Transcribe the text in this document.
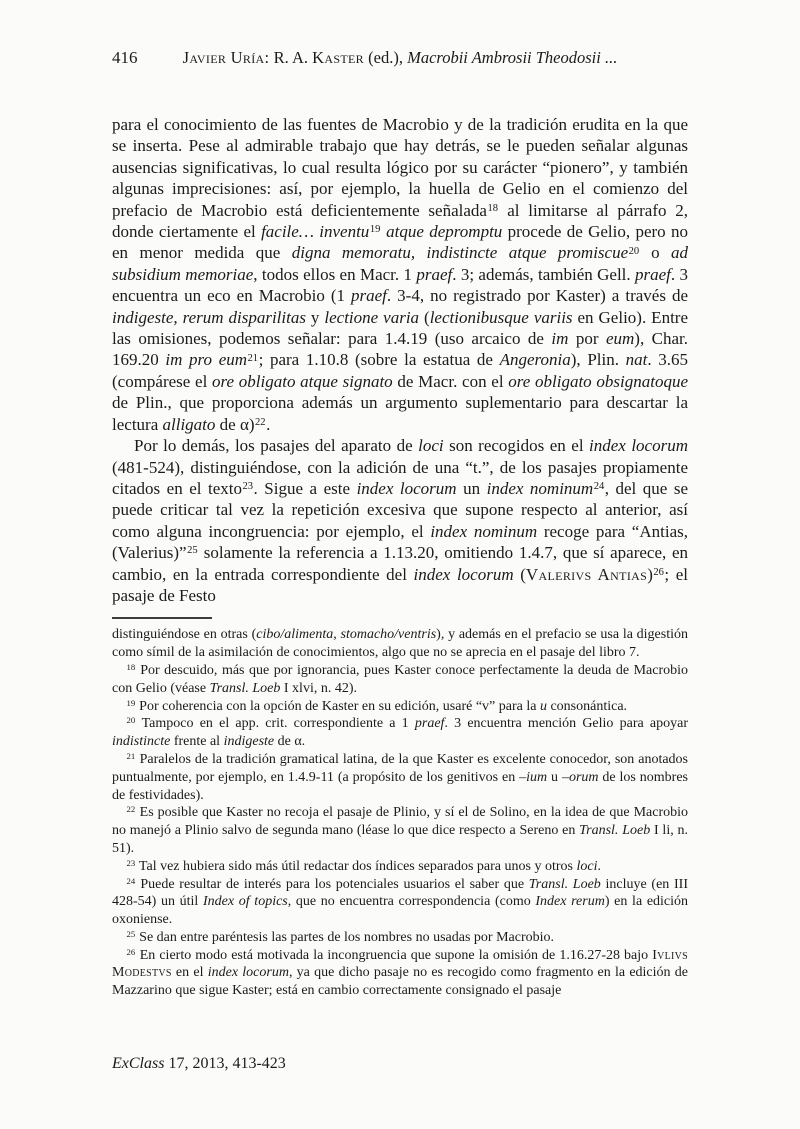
416	Javier Uría: R. A. Kaster (ed.), Macrobii Ambrosii Theodosii ...

para el conocimiento de las fuentes de Macrobio y de la tradición erudita en la que se inserta. Pese al admirable trabajo que hay detrás, se le pueden señalar algunas ausencias significativas, lo cual resulta lógico por su carácter “pionero”, y también algunas imprecisiones: así, por ejemplo, la huella de Gelio en el comienzo del prefacio de Macrobio está deficientemente señalada$^{18}$ al limitarse al párrafo 2, donde ciertamente el facile… inventu$^{19}$ atque depromptu procede de Gelio, pero no en menor medida que digna memoratu, indistincte atque promiscue$^{20}$ o ad subsidium memoriae, todos ellos en Macr. 1 praef. 3; además, también Gell. praef. 3 encuentra un eco en Macrobio (1 praef. 3-4, no registrado por Kaster) a través de indigeste, rerum disparilitas y lectione varia (lectionibusque variis en Gelio). Entre las omisiones, podemos señalar: para 1.4.19 (uso arcaico de im por eum), Char. 169.20 im pro eum$^{21}$; para 1.10.8 (sobre la estatua de Angeronia), Plin. nat. 3.65 (compárese el ore obligato atque signato de Macr. con el ore obligato obsignatoque de Plin., que proporciona además un argumento suplementario para descartar la lectura alligato de α)$^{22}$.

Por lo demás, los pasajes del aparato de loci son recogidos en el index locorum (481-524), distinguiéndose, con la adición de una “t.”, de los pasajes propiamente citados en el texto$^{23}$. Sigue a este index locorum un index nominum$^{24}$, del que se puede criticar tal vez la repetición excesiva que supone respecto al anterior, así como alguna incongruencia: por ejemplo, el index nominum recoge para “Antias, (Valerius)”$^{25}$ solamente la referencia a 1.13.20, omitiendo 1.4.7, que sí aparece, en cambio, en la entrada correspondiente del index locorum (Valerivs Antias)$^{26}$; el pasaje de Festo

distinguiéndose en otras (cibo/alimenta, stomacho/ventris), y además en el prefacio se usa la digestión como símil de la asimilación de conocimientos, algo que no se aprecia en el pasaje del libro 7.

$^{18}$ Por descuido, más que por ignorancia, pues Kaster conoce perfectamente la deuda de Macrobio con Gelio (véase Transl. Loeb I xlvi, n. 42).

$^{19}$ Por coherencia con la opción de Kaster en su edición, usaré “v” para la u consonántica.

$^{20}$ Tampoco en el app. crit. correspondiente a 1 praef. 3 encuentra mención Gelio para apoyar indistincte frente al indigeste de α.

$^{21}$ Paralelos de la tradición gramatical latina, de la que Kaster es excelente conocedor, son anotados puntualmente, por ejemplo, en 1.4.9-11 (a propósito de los genitivos en –ium u –orum de los nombres de festividades).

$^{22}$ Es posible que Kaster no recoja el pasaje de Plinio, y sí el de Solino, en la idea de que Macrobio no manejó a Plinio salvo de segunda mano (léase lo que dice respecto a Sereno en Transl. Loeb I li, n. 51).

$^{23}$ Tal vez hubiera sido más útil redactar dos índices separados para unos y otros loci.

$^{24}$ Puede resultar de interés para los potenciales usuarios el saber que Transl. Loeb incluye (en III 428-54) un útil Index of topics, que no encuentra correspondencia (como Index rerum) en la edición oxoniense.

$^{25}$ Se dan entre paréntesis las partes de los nombres no usadas por Macrobio.

$^{26}$ En cierto modo está motivada la incongruencia que supone la omisión de 1.16.27-28 bajo Ivlivs Modestvs en el index locorum, ya que dicho pasaje no es recogido como fragmento en la edición de Mazzarino que sigue Kaster; está en cambio correctamente consignado el pasaje

ExClass 17, 2013, 413-423
